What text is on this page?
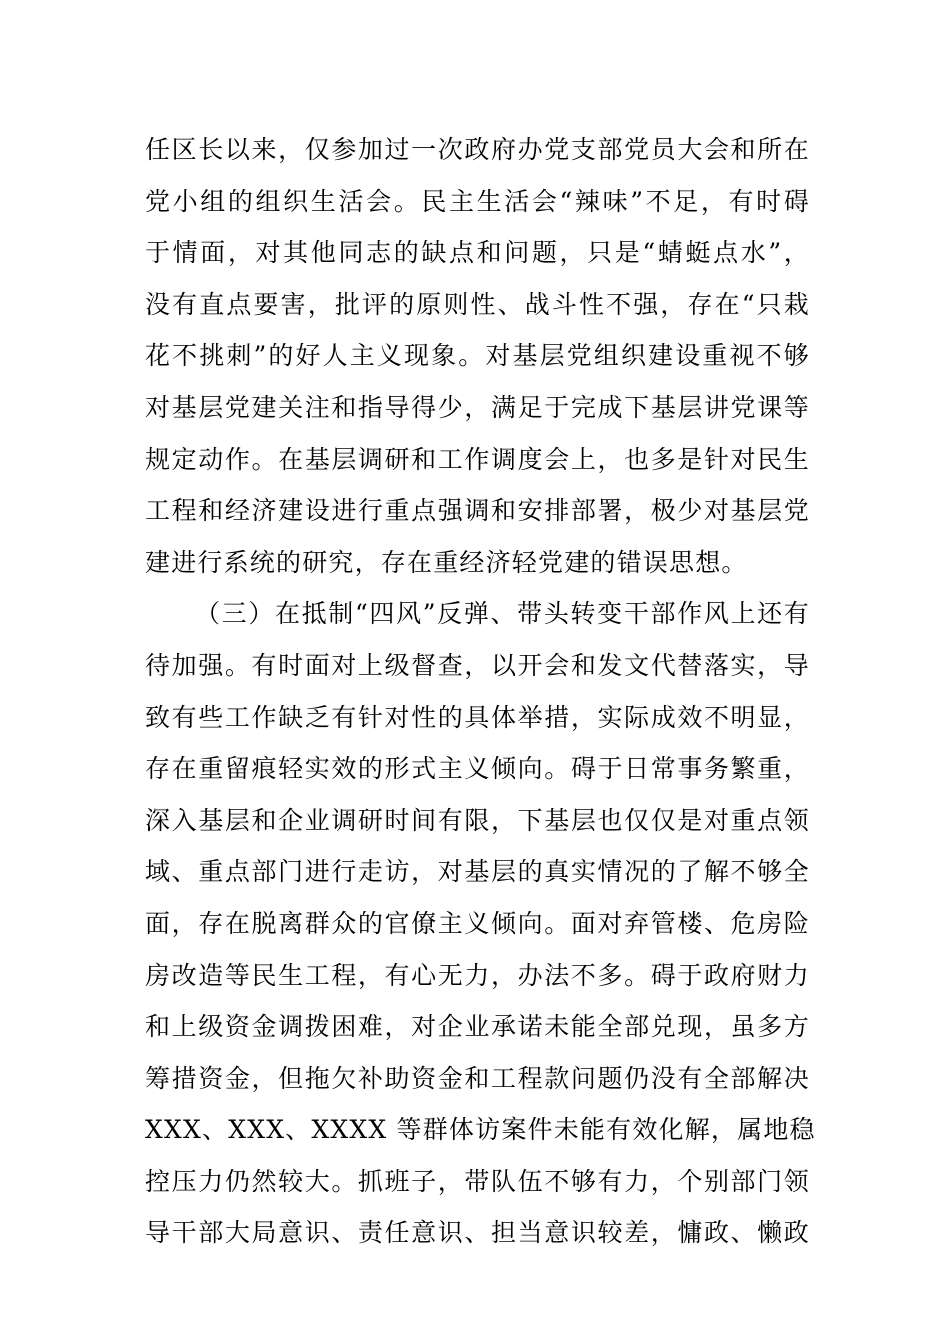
任区长以来，仅参加过一次政府办党支部党员大会和所在
党小组的组织生活会。民主生活会“辣味”不足，有时碍
于情面，对其他同志的缺点和问题，只是“蜻蜓点水”，
没有直点要害，批评的原则性、战斗性不强，存在“只栽
花不挑刺”的好人主义现象。对基层党组织建设重视不够
对基层党建关注和指导得少，满足于完成下基层讲党课等
规定动作。在基层调研和工作调度会上，也多是针对民生
工程和经济建设进行重点强调和安排部署，极少对基层党
建进行系统的研究，存在重经济轻党建的错误思想。
（三）在抵制“四风”反弹、带头转变干部作风上还有
待加强。有时面对上级督查，以开会和发文代替落实，导
致有些工作缺乏有针对性的具体举措，实际成效不明显，
存在重留痕轻实效的形式主义倾向。碍于日常事务繁重，
深入基层和企业调研时间有限，下基层也仅仅是对重点领
域、重点部门进行走访，对基层的真实情况的了解不够全
面，存在脱离群众的官僚主义倾向。面对弃管楼、危房险
房改造等民生工程，有心无力，办法不多。碍于政府财力
和上级资金调拨困难，对企业承诺未能全部兑现，虽多方
筹措资金，但拖欠补助资金和工程款问题仍没有全部解决
XXX、XXX、XXXX 等群体访案件未能有效化解，属地稳
控压力仍然较大。抓班子，带队伍不够有力，个别部门领
导干部大局意识、责任意识、担当意识较差，慵政、懒政
